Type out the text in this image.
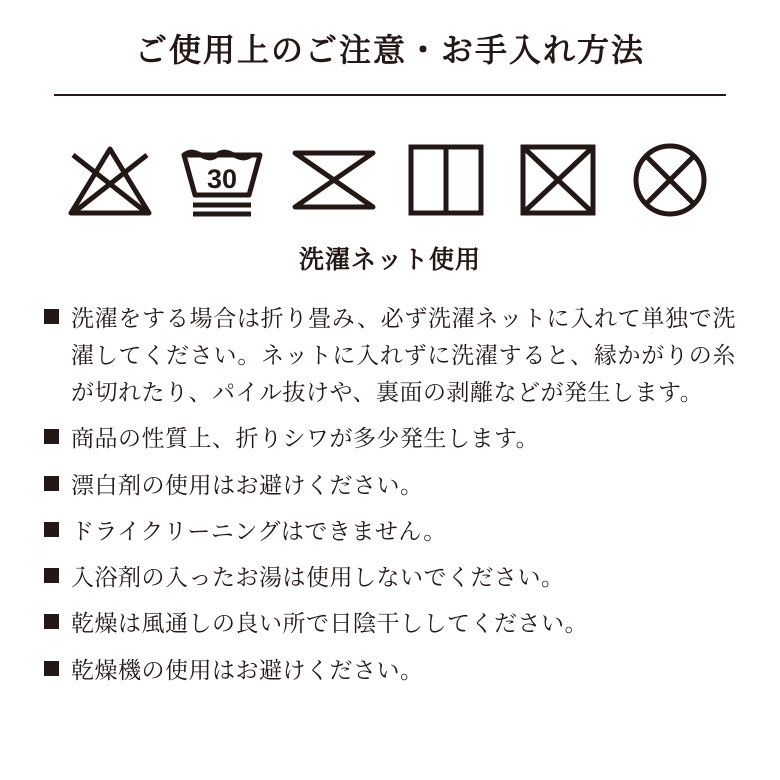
ご使用上のご注意・お手入れ方法
30
洗濯ネット使用
洗濯をする場合は折り畳み、必ず洗濯ネットに入れて単独で洗濯してください。ネットに入れずに洗濯すると、縁かがりの糸が切れたり、パイル抜けや、裏面の剥離などが発生します。
商品の性質上、折りシワが多少発生します。
漂白剤の使用はお避けください。
ドライクリーニングはできません。
入浴剤の入ったお湯は使用しないでください。
乾燥は風通しの良い所で日陰干ししてください。
乾燥機の使用はお避けください。
